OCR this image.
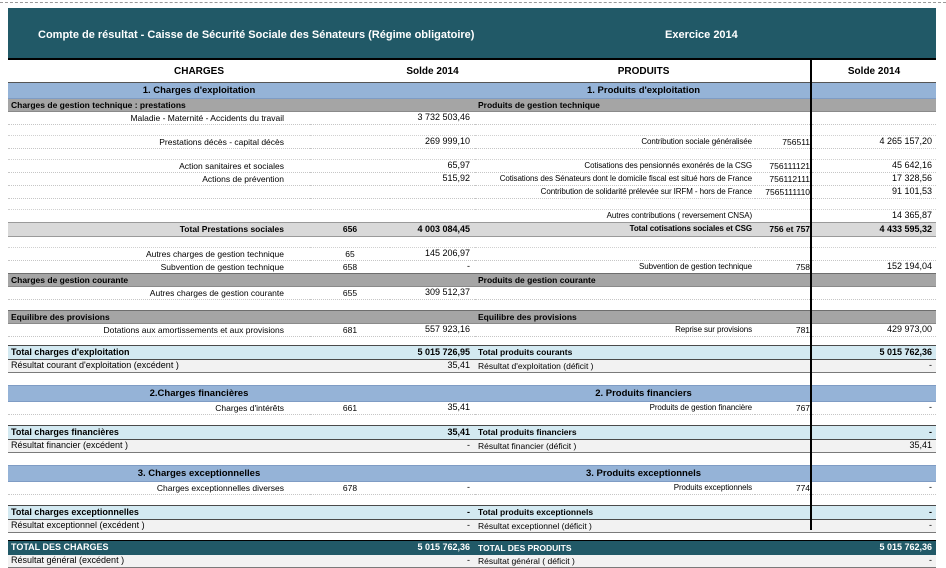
Compte de résultat - Caisse de Sécurité Sociale des Sénateurs (Régime obligatoire)	Exercice 2014
CHARGES		Solde 2014	PRODUITS		Solde 2014
1. Charges d'exploitation			1. Produits d'exploitation		
Charges de gestion technique : prestations			Produits de gestion technique		
Maladie - Maternité - Accidents du travail		3 732 503,46			

Prestations décès - capital décès		269 999,10	Contribution sociale généralisée	756511	4 265 157,20

Action sanitaires et sociales		65,97	Cotisations des pensionnés exonérés de la CSG	756111121	45 642,16
Actions de prévention		515,92	Cotisations des Sénateurs dont le domicile fiscal est situé hors de France	756112111	17 328,56
			Contribution de solidarité prélevée sur IRFM - hors de France	7565111110	91 101,53

			Autres contributions ( reversement CNSA)		14 365,87
Total Prestations sociales	656	4 003 084,45	Total cotisations sociales et CSG	756 et 757	4 433 595,32

Autres charges de gestion technique	65	145 206,97			
Subvention de gestion technique	658	-	Subvention de gestion technique	758	152 194,04
Charges de gestion courante			Produits de gestion courante		
Autres charges de gestion courante	655	309 512,37			

Equilibre des provisions			Equilibre des provisions		
Dotations aux amortissements et aux provisions	681	557 923,16	Reprise sur provisions	781	429 973,00

Total charges d'exploitation		5 015 726,95	Total produits courants		5 015 762,36
Résultat courant d'exploitation (excédent )		35,41	Résultat d'exploitation (déficit )		-

2.Charges financières			2. Produits financiers		
Charges d'intérêts	661	35,41	Produits de gestion financière	767	-

Total charges financières		35,41	Total produits financiers		-
Résultat financier (excédent )		-	Résultat financier (déficit )		35,41

3. Charges exceptionnelles			3. Produits exceptionnels		
Charges exceptionnelles diverses	678	-	Produits exceptionnels	774	-

Total charges exceptionnelles		-	Total produits exceptionnels		-
Résultat exceptionnel (excédent )		-	Résultat exceptionnel (déficit )		-

TOTAL DES CHARGES		5 015 762,36	TOTAL DES PRODUITS		5 015 762,36
Résultat général (excédent )		-	Résultat général ( déficit )		-
